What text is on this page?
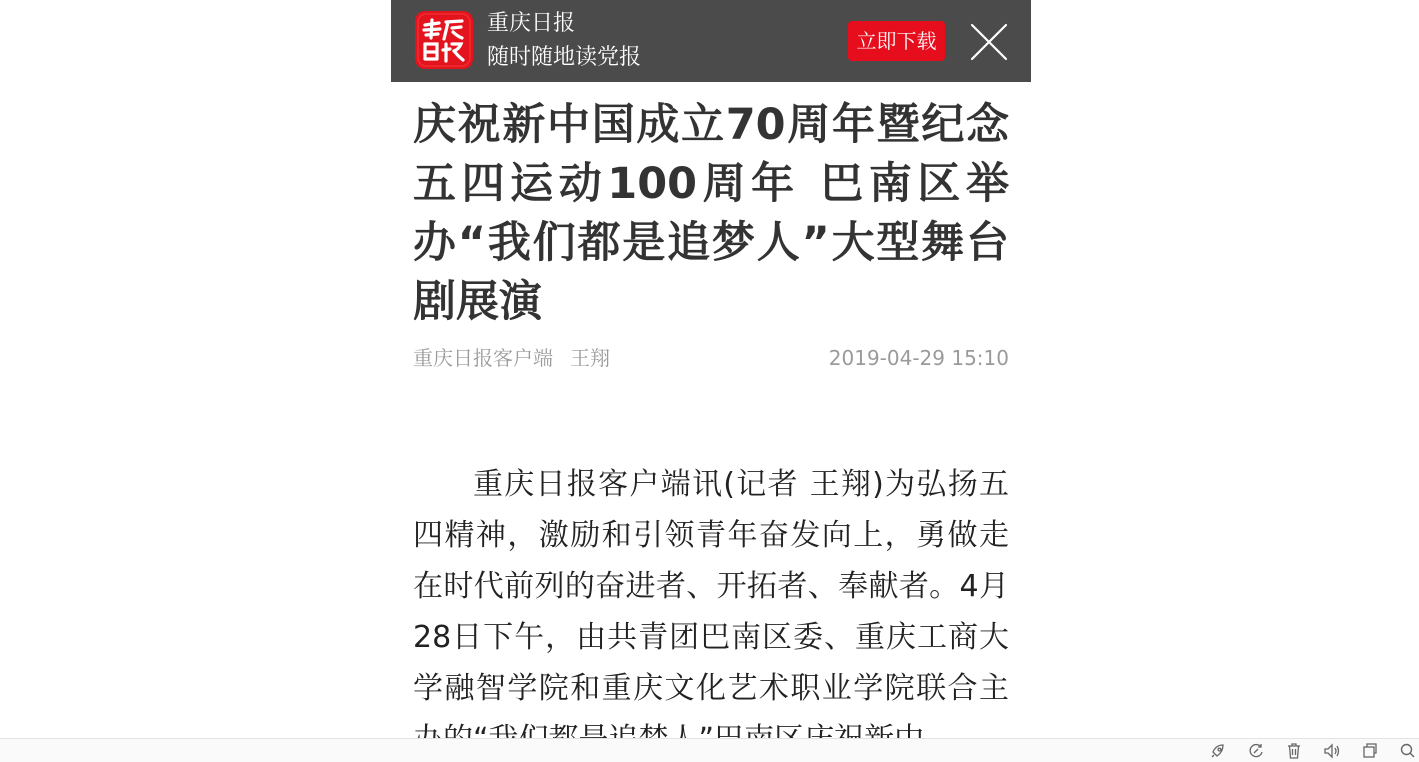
重庆日报
随时随地读党报
立即下载
庆祝新中国成立70周年暨纪念五四运动100周年 巴南区举办“我们都是追梦人”大型舞台剧展演
重庆日报客户端 王翔	2019-04-29 15:10

重庆日报客户端讯(记者 王翔)为弘扬五四精神，激励和引领青年奋发向上，勇做走在时代前列的奋进者、开拓者、奉献者。4月28日下午，由共青团巴南区委、重庆工商大学融智学院和重庆文化艺术职业学院联合主
